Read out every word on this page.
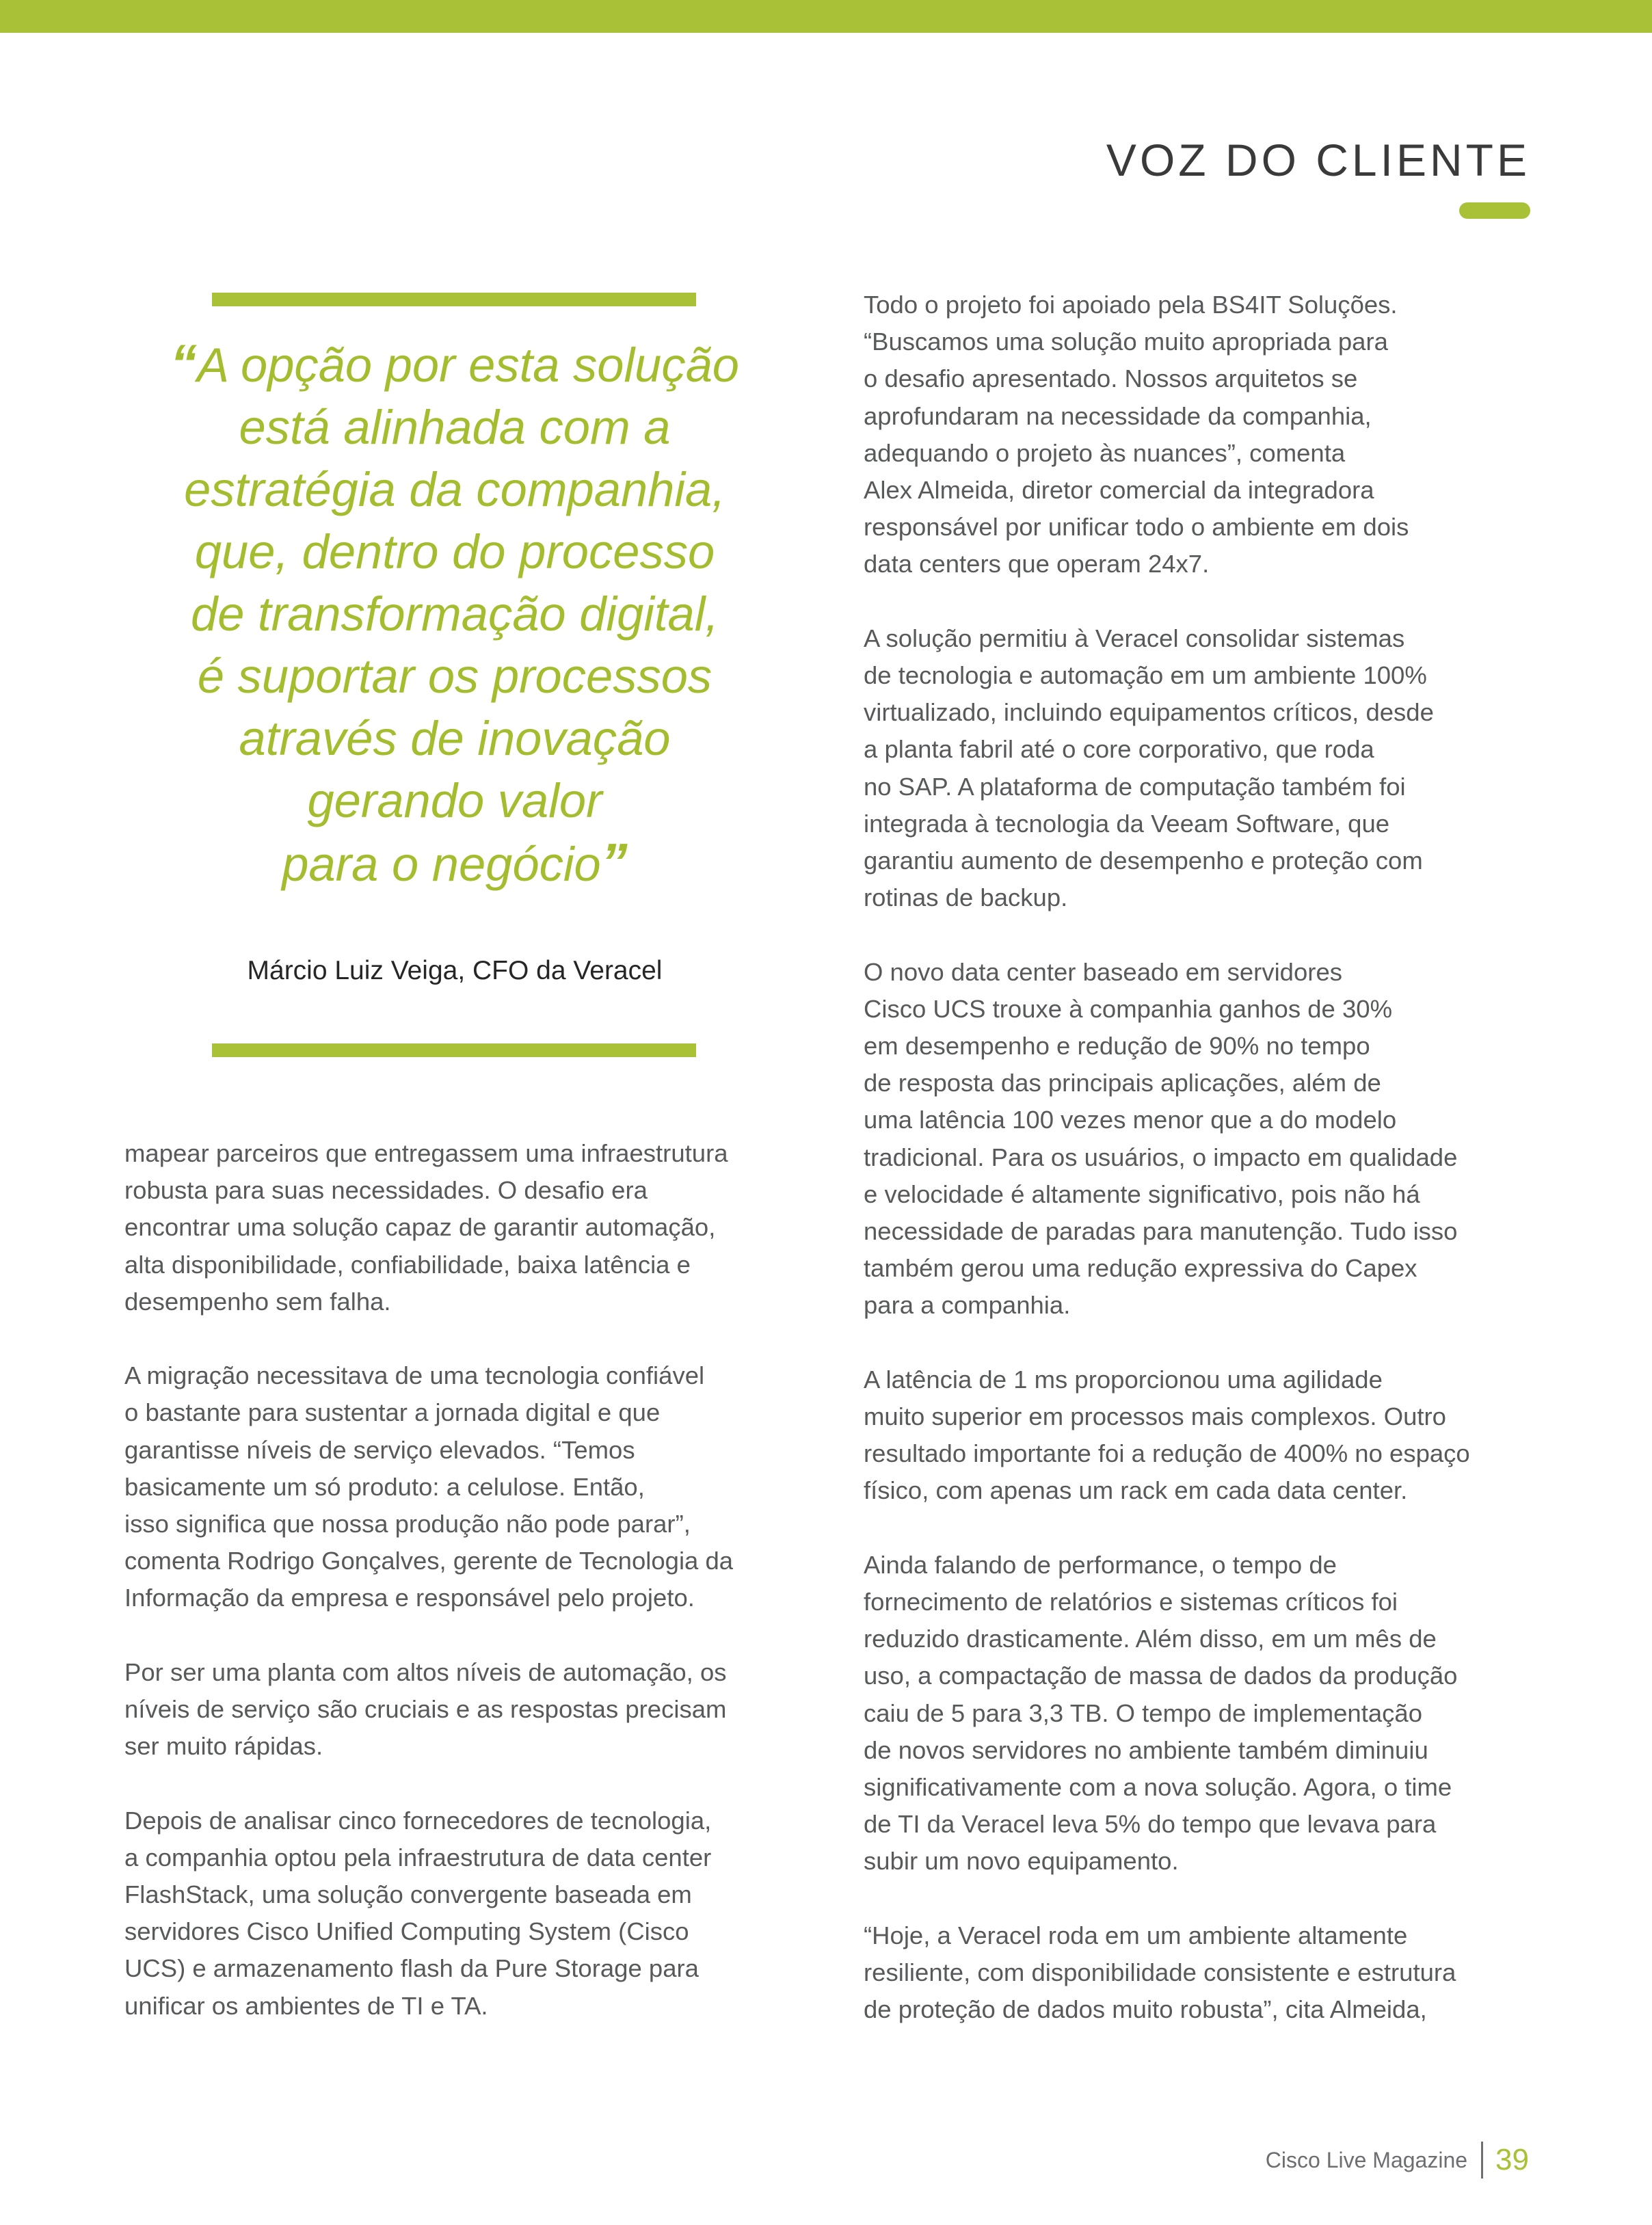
VOZ DO CLIENTE
“A opção por esta solução
está alinhada com a
estratégia da companhia,
que, dentro do processo
de transformação digital,
é suportar os processos
através de inovação
gerando valor
para o negócio”
Márcio Luiz Veiga, CFO da Veracel
mapear parceiros que entregassem uma infraestrutura
robusta para suas necessidades. O desafio era
encontrar uma solução capaz de garantir automação,
alta disponibilidade, confiabilidade, baixa latência e
desempenho sem falha.
A migração necessitava de uma tecnologia confiável
o bastante para sustentar a jornada digital e que
garantisse níveis de serviço elevados. “Temos
basicamente um só produto: a celulose. Então,
isso significa que nossa produção não pode parar”,
comenta Rodrigo Gonçalves, gerente de Tecnologia da
Informação da empresa e responsável pelo projeto.
Por ser uma planta com altos níveis de automação, os
níveis de serviço são cruciais e as respostas precisam
ser muito rápidas.
Depois de analisar cinco fornecedores de tecnologia,
a companhia optou pela infraestrutura de data center
FlashStack, uma solução convergente baseada em
servidores Cisco Unified Computing System (Cisco
UCS) e armazenamento flash da Pure Storage para
unificar os ambientes de TI e TA.
Todo o projeto foi apoiado pela BS4IT Soluções.
“Buscamos uma solução muito apropriada para
o desafio apresentado. Nossos arquitetos se
aprofundaram na necessidade da companhia,
adequando o projeto às nuances”, comenta
Alex Almeida, diretor comercial da integradora
responsável por unificar todo o ambiente em dois
data centers que operam 24x7.
A solução permitiu à Veracel consolidar sistemas
de tecnologia e automação em um ambiente 100%
virtualizado, incluindo equipamentos críticos, desde
a planta fabril até o core corporativo, que roda
no SAP. A plataforma de computação também foi
integrada à tecnologia da Veeam Software, que
garantiu aumento de desempenho e proteção com
rotinas de backup.
O novo data center baseado em servidores
Cisco UCS trouxe à companhia ganhos de 30%
em desempenho e redução de 90% no tempo
de resposta das principais aplicações, além de
uma latência 100 vezes menor que a do modelo
tradicional. Para os usuários, o impacto em qualidade
e velocidade é altamente significativo, pois não há
necessidade de paradas para manutenção. Tudo isso
também gerou uma redução expressiva do Capex
para a companhia.
A latência de 1 ms proporcionou uma agilidade
muito superior em processos mais complexos. Outro
resultado importante foi a redução de 400% no espaço
físico, com apenas um rack em cada data center.
Ainda falando de performance, o tempo de
fornecimento de relatórios e sistemas críticos foi
reduzido drasticamente. Além disso, em um mês de
uso, a compactação de massa de dados da produção
caiu de 5 para 3,3 TB. O tempo de implementação
de novos servidores no ambiente também diminuiu
significativamente com a nova solução. Agora, o time
de TI da Veracel leva 5% do tempo que levava para
subir um novo equipamento.
“Hoje, a Veracel roda em um ambiente altamente
resiliente, com disponibilidade consistente e estrutura
de proteção de dados muito robusta”, cita Almeida,
Cisco Live Magazine 39
